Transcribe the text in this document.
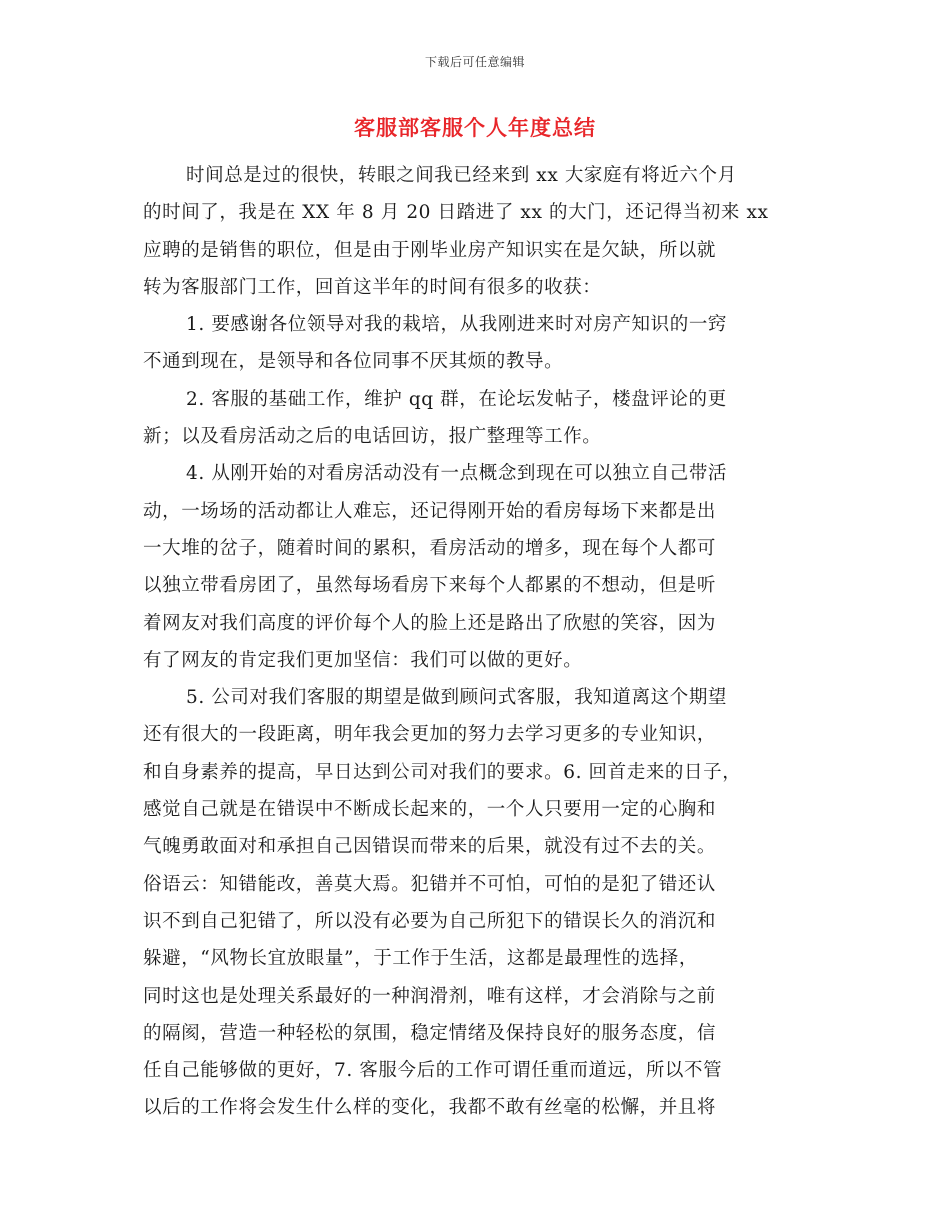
下载后可任意编辑
客服部客服个人年度总结
时间总是过的很快，转眼之间我已经来到 xx 大家庭有将近六个月
的时间了，我是在 XX 年 8 月 20 日踏进了 xx 的大门，还记得当初来 xx
应聘的是销售的职位，但是由于刚毕业房产知识实在是欠缺，所以就
转为客服部门工作，回首这半年的时间有很多的收获：
1. 要感谢各位领导对我的栽培，从我刚进来时对房产知识的一窍
不通到现在，是领导和各位同事不厌其烦的教导。
2. 客服的基础工作，维护 qq 群，在论坛发帖子，楼盘评论的更
新；以及看房活动之后的电话回访，报广整理等工作。
4. 从刚开始的对看房活动没有一点概念到现在可以独立自己带活
动，一场场的活动都让人难忘，还记得刚开始的看房每场下来都是出
一大堆的岔子，随着时间的累积，看房活动的增多，现在每个人都可
以独立带看房团了，虽然每场看房下来每个人都累的不想动，但是听
着网友对我们高度的评价每个人的脸上还是路出了欣慰的笑容，因为
有了网友的肯定我们更加坚信：我们可以做的更好。
5. 公司对我们客服的期望是做到顾问式客服，我知道离这个期望
还有很大的一段距离，明年我会更加的努力去学习更多的专业知识，
和自身素养的提高，早日达到公司对我们的要求。6. 回首走来的日子，
感觉自己就是在错误中不断成长起来的，一个人只要用一定的心胸和
气魄勇敢面对和承担自己因错误而带来的后果，就没有过不去的关。
俗语云：知错能改，善莫大焉。犯错并不可怕，可怕的是犯了错还认
识不到自己犯错了，所以没有必要为自己所犯下的错误长久的消沉和
躲避，“风物长宜放眼量”，于工作于生活，这都是最理性的选择，
同时这也是处理关系最好的一种润滑剂，唯有这样，才会消除与之前
的隔阂，营造一种轻松的氛围，稳定情绪及保持良好的服务态度，信
任自己能够做的更好，7. 客服今后的工作可谓任重而道远，所以不管
以后的工作将会发生什么样的变化，我都不敢有丝毫的松懈，并且将
